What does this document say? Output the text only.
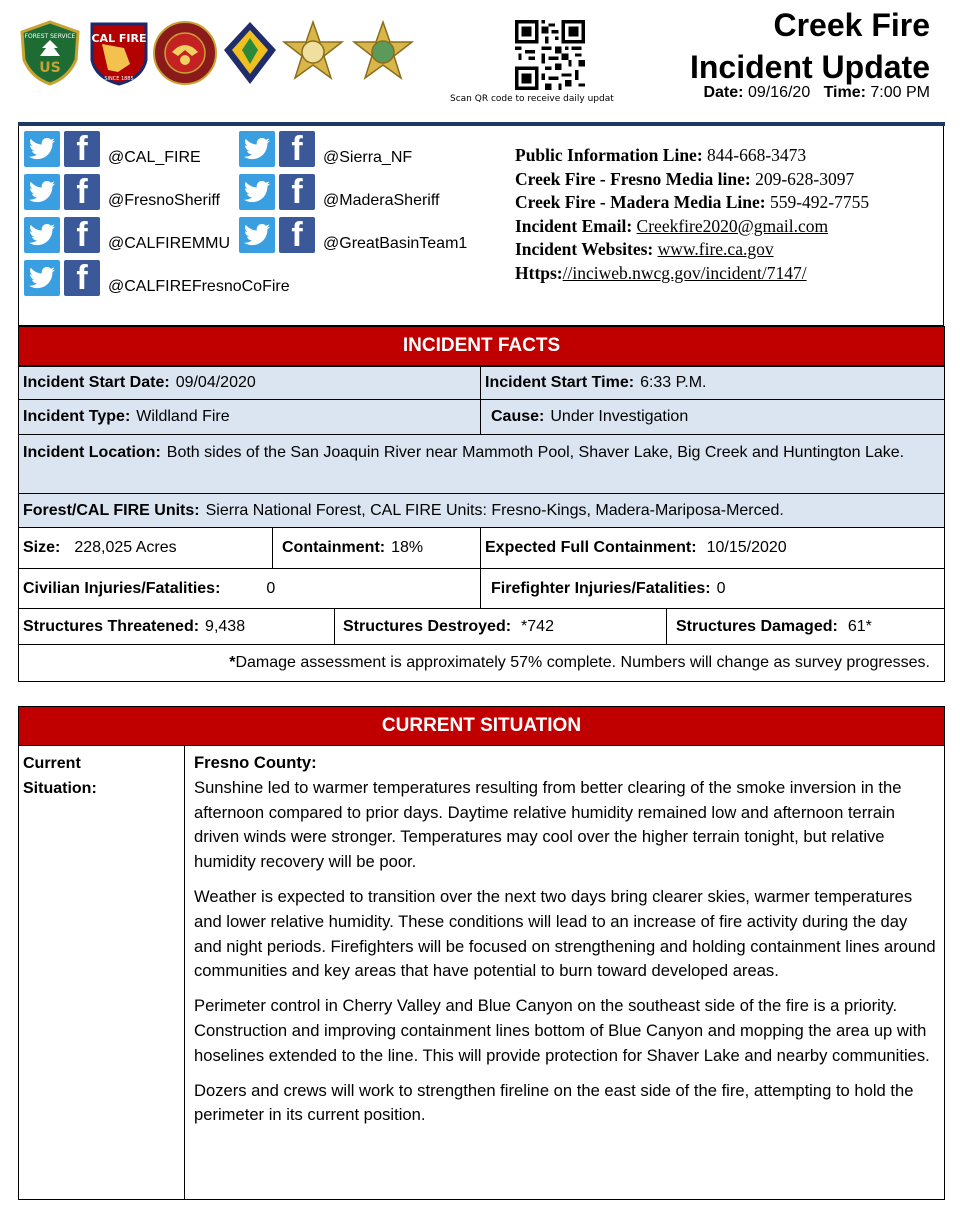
FOREST SERVICE
US
CAL FIRE
SINCE 1885
Scan QR code to receive daily updat
Creek Fire
Incident Update
Date: 09/16/20 Time: 7:00 PM
f	@CAL_FIRE	f	@Sierra_NF
f	@FresnoSheriff	f	@MaderaSheriff
f	@CALFIREMMU	f	@GreatBasinTeam1
f	@CALFIREFresnoCoFire
Public Information Line: 844-668-3473
Creek Fire - Fresno Media line: 209-628-3097
Creek Fire - Madera Media Line: 559-492-7755
Incident Email: Creekfire2020@gmail.com
Incident Websites: www.fire.ca.gov
Https://inciweb.nwcg.gov/incident/7147/
INCIDENT FACTS
Incident Start Date: 09/04/2020	Incident Start Time: 6:33 P.M.
Incident Type: Wildland Fire	Cause: Under Investigation
Incident Location: Both sides of the San Joaquin River near Mammoth Pool, Shaver Lake, Big Creek and Huntington Lake.
Forest/CAL FIRE Units: Sierra National Forest, CAL FIRE Units: Fresno-Kings, Madera-Mariposa-Merced.
Size: 228,025 Acres	Containment: 18%	Expected Full Containment: 10/15/2020
Civilian Injuries/Fatalities:	0	Firefighter Injuries/Fatalities: 0
Structures Threatened: 9,438	Structures Destroyed: *742	Structures Damaged: 61*
* Damage assessment is approximately 57% complete. Numbers will change as survey progresses.
CURRENT SITUATION
Current
Situation:
Fresno County:

Sunshine led to warmer temperatures resulting from better clearing of the smoke inversion in the afternoon compared to prior days. Daytime relative humidity remained low and afternoon terrain driven winds were stronger. Temperatures may cool over the higher terrain tonight, but relative humidity recovery will be poor.

Weather is expected to transition over the next two days bring clearer skies, warmer temperatures and lower relative humidity. These conditions will lead to an increase of fire activity during the day and night periods. Firefighters will be focused on strengthening and holding containment lines around communities and key areas that have potential to burn toward developed areas.

Perimeter control in Cherry Valley and Blue Canyon on the southeast side of the fire is a priority. Construction and improving containment lines bottom of Blue Canyon and mopping the area up with hoselines extended to the line. This will provide protection for Shaver Lake and nearby communities.

Dozers and crews will work to strengthen fireline on the east side of the fire, attempting to hold the perimeter in its current position.
